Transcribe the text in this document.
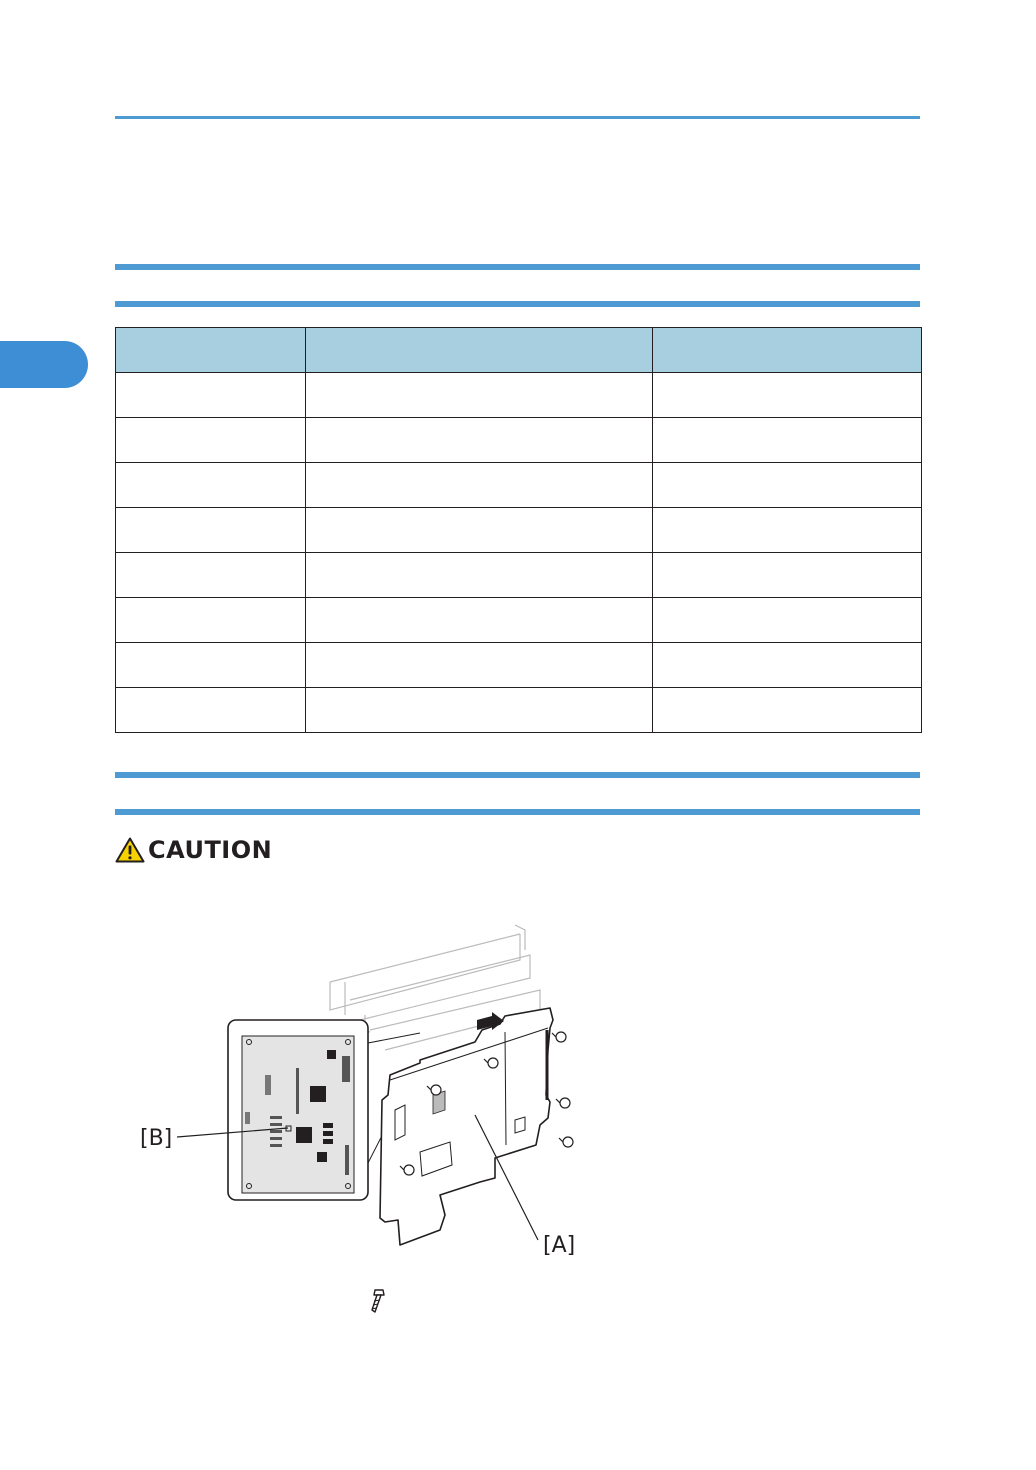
CAUTION
[B]
[A]
